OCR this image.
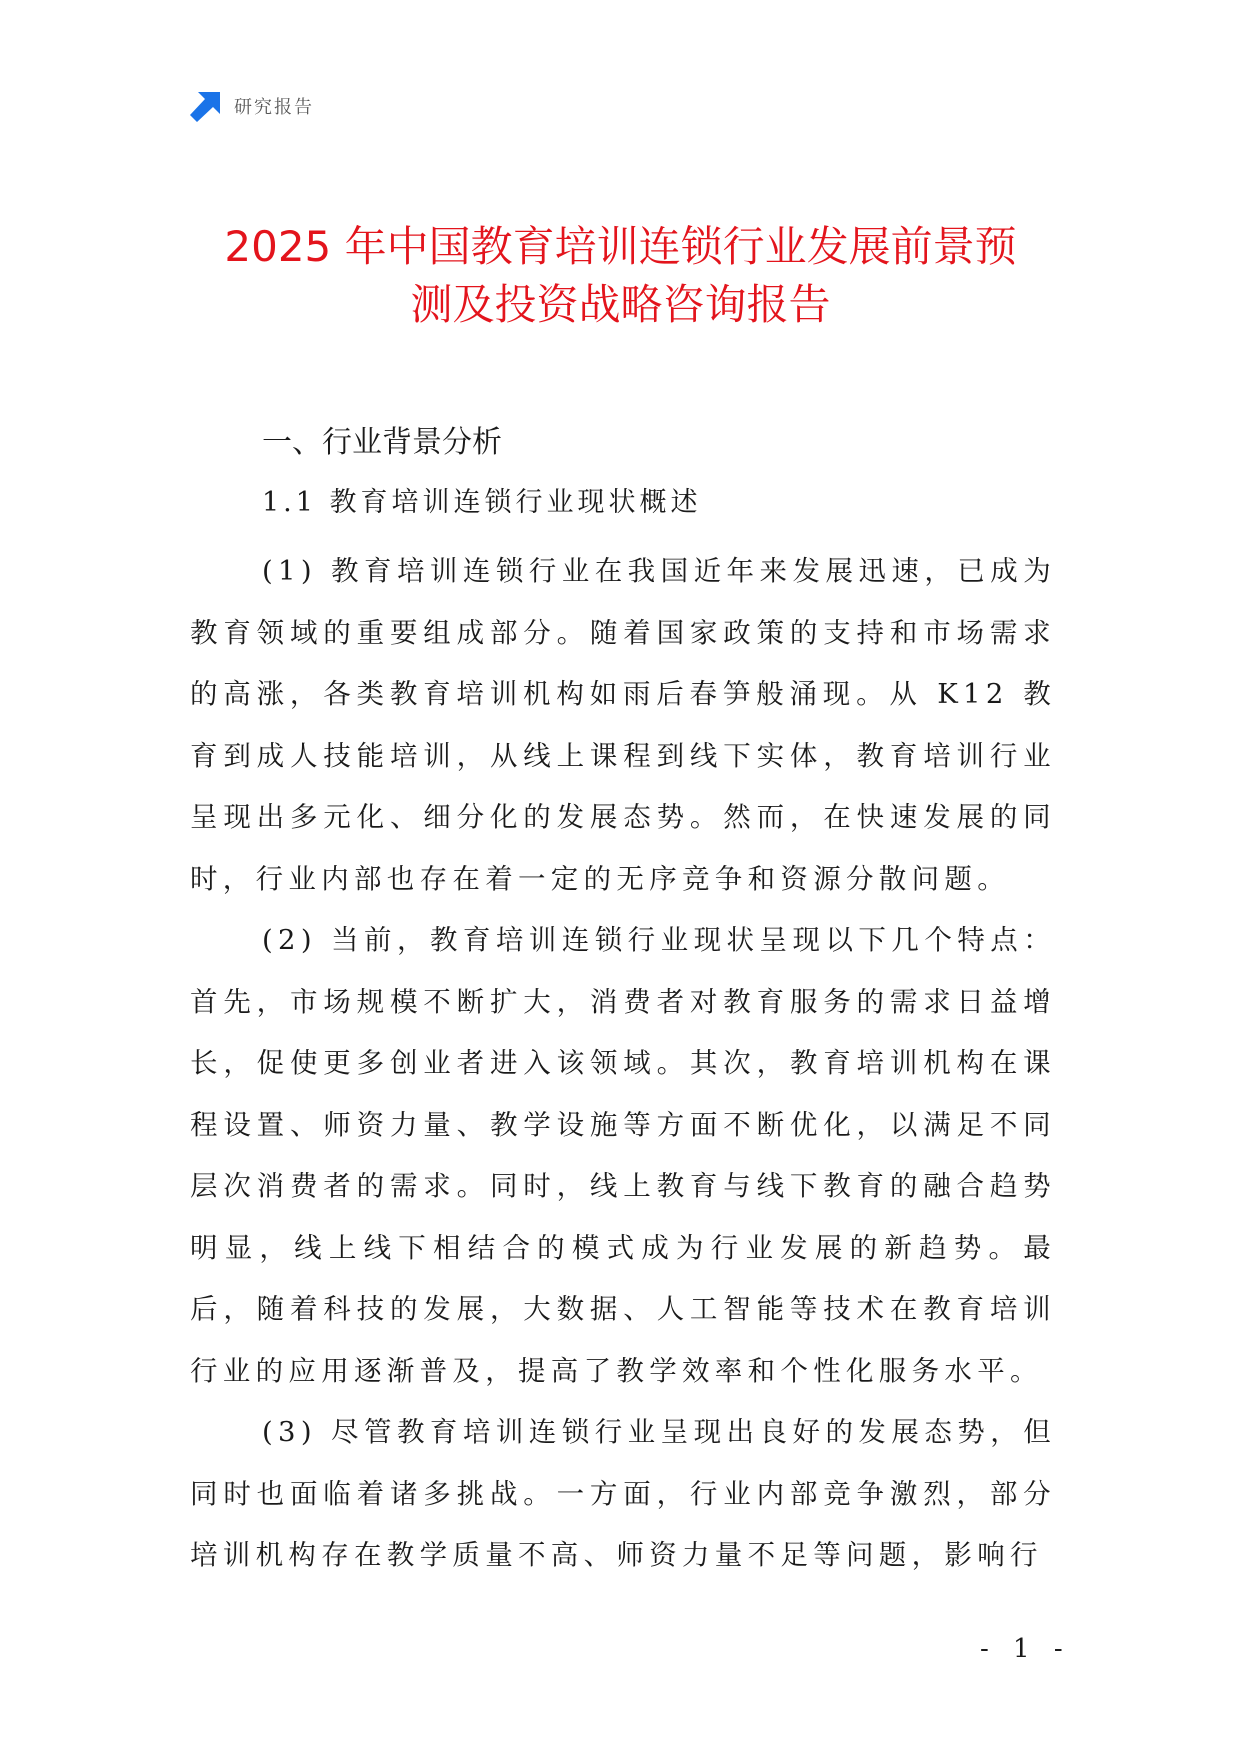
研究报告
2025 年中国教育培训连锁行业发展前景预
测及投资战略咨询报告
一、行业背景分析
1.1 教育培训连锁行业现状概述

(1) 教育培训连锁行业在我国近年来发展迅速，已成为教育领域的重要组成部分。随着国家政策的支持和市场需求的高涨，各类教育培训机构如雨后春笋般涌现。从 K12 教育到成人技能培训，从线上课程到线下实体，教育培训行业呈现出多元化、细分化的发展态势。然而，在快速发展的同时，行业内部也存在着一定的无序竞争和资源分散问题。

(2) 当前，教育培训连锁行业现状呈现以下几个特点：首先，市场规模不断扩大，消费者对教育服务的需求日益增长，促使更多创业者进入该领域。其次，教育培训机构在课程设置、师资力量、教学设施等方面不断优化，以满足不同层次消费者的需求。同时，线上教育与线下教育的融合趋势明显，线上线下相结合的模式成为行业发展的新趋势。最后，随着科技的发展，大数据、人工智能等技术在教育培训行业的应用逐渐普及，提高了教学效率和个性化服务水平。

(3) 尽管教育培训连锁行业呈现出良好的发展态势，但同时也面临着诸多挑战。一方面，行业内部竞争激烈，部分培训机构存在教学质量不高、师资力量不足等问题，影响行

- 1 -
